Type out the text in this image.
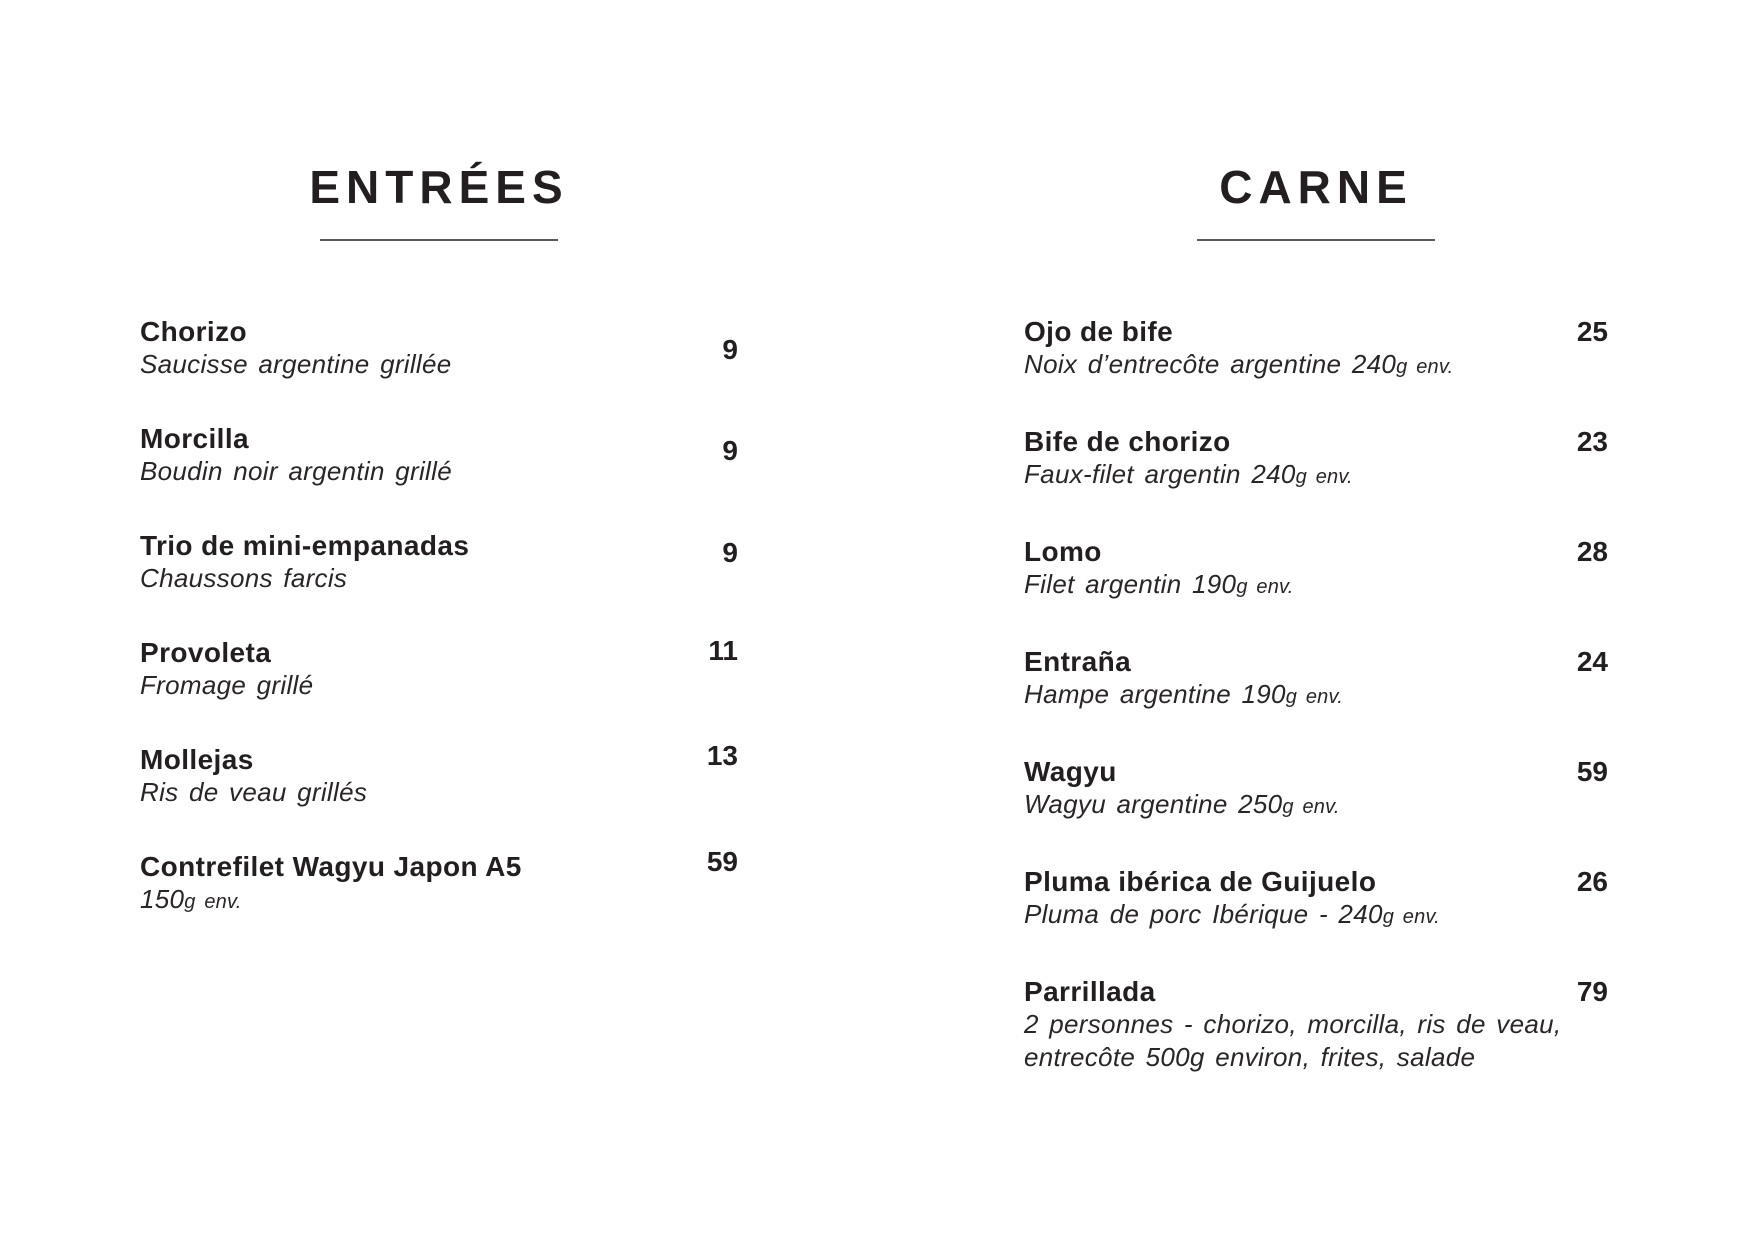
ENTRÉES
Chorizo
Saucisse argentine grillée	9
Morcilla
Boudin noir argentin grillé
9
Trio de mini-empanadas
Chaussons farcis
9
Provoleta
Fromage grillé
11
Mollejas
Ris de veau grillés
13
Contrefilet Wagyu Japon A5
150g env.
59
CARNE
Ojo de bife
Noix d’entrecôte argentine 240g env.
25
Bife de chorizo
Faux-filet argentin 240g env.
23
Lomo
Filet argentin 190g env.
28
Entraña
Hampe argentine 190g env.
24
Wagyu
Wagyu argentine 250g env.
59
Pluma ibérica de Guijuelo
Pluma de porc Ibérique - 240g env.
26
Parrillada
2 personnes - chorizo, morcilla, ris de veau,
entrecôte 500g environ, frites, salade
79
